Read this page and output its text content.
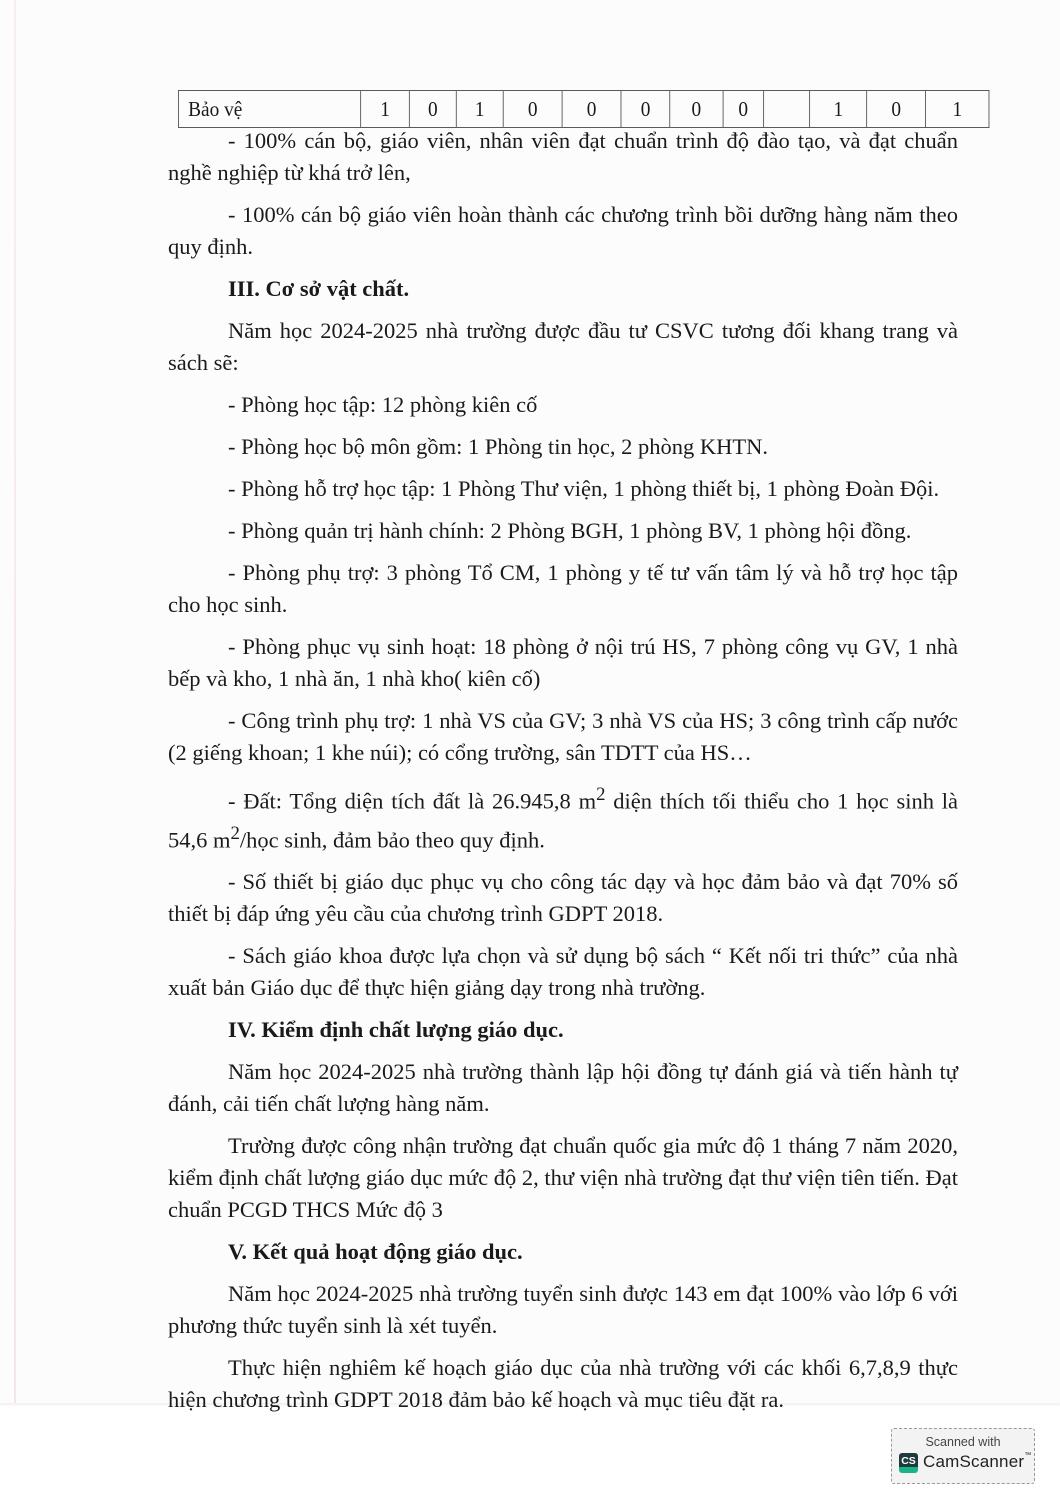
Bảo vệ	1	0	1	0	0	0	0	0		1	0	1

- 100% cán bộ, giáo viên, nhân viên đạt chuẩn trình độ đào tạo, và đạt chuẩn nghề nghiệp từ khá trở lên,

- 100% cán bộ giáo viên hoàn thành các chương trình bồi dưỡng hàng năm theo quy định.

III. Cơ sở vật chất.

Năm học 2024-2025 nhà trường được đầu tư CSVC tương đối khang trang và sách sẽ:

- Phòng học tập: 12 phòng kiên cố

- Phòng học bộ môn gồm: 1 Phòng tin học, 2 phòng KHTN.

- Phòng hỗ trợ học tập: 1 Phòng Thư viện, 1 phòng thiết bị, 1 phòng Đoàn Đội.

- Phòng quản trị hành chính: 2 Phòng BGH, 1 phòng BV, 1 phòng hội đồng.

- Phòng phụ trợ: 3 phòng Tổ CM, 1 phòng y tế tư vấn tâm lý và hỗ trợ học tập cho học sinh.

- Phòng phục vụ sinh hoạt: 18 phòng ở nội trú HS, 7 phòng công vụ GV, 1 nhà bếp và kho, 1 nhà ăn, 1 nhà kho( kiên cố)

- Công trình phụ trợ: 1 nhà VS của GV; 3 nhà VS của HS; 3 công trình cấp nước (2 giếng khoan; 1 khe núi); có cổng trường, sân TDTT của HS…

- Đất: Tổng diện tích đất là 26.945,8 $m^2$ diện thích tối thiểu cho 1 học sinh là 54,6 $m^2$/học sinh, đảm bảo theo quy định.

- Số thiết bị giáo dục phục vụ cho công tác dạy và học đảm bảo và đạt 70% số thiết bị đáp ứng yêu cầu của chương trình GDPT 2018.

- Sách giáo khoa được lựa chọn và sử dụng bộ sách “ Kết nối tri thức” của nhà xuất bản Giáo dục để thực hiện giảng dạy trong nhà trường.

IV. Kiểm định chất lượng giáo dục.

Năm học 2024-2025 nhà trường thành lập hội đồng tự đánh giá và tiến hành tự đánh, cải tiến chất lượng hàng năm.

Trường được công nhận trường đạt chuẩn quốc gia mức độ 1 tháng 7 năm 2020, kiểm định chất lượng giáo dục mức độ 2, thư viện nhà trường đạt thư viện tiên tiến. Đạt chuẩn PCGD THCS Mức độ 3

V. Kết quả hoạt động giáo dục.

Năm học 2024-2025 nhà trường tuyển sinh được 143 em đạt 100% vào lớp 6 với phương thức tuyển sinh là xét tuyển.

Thực hiện nghiêm kế hoạch giáo dục của nhà trường với các khối 6,7,8,9 thực hiện chương trình GDPT 2018 đảm bảo kế hoạch và mục tiêu đặt ra.

Scanned with
CS CamScanner™
